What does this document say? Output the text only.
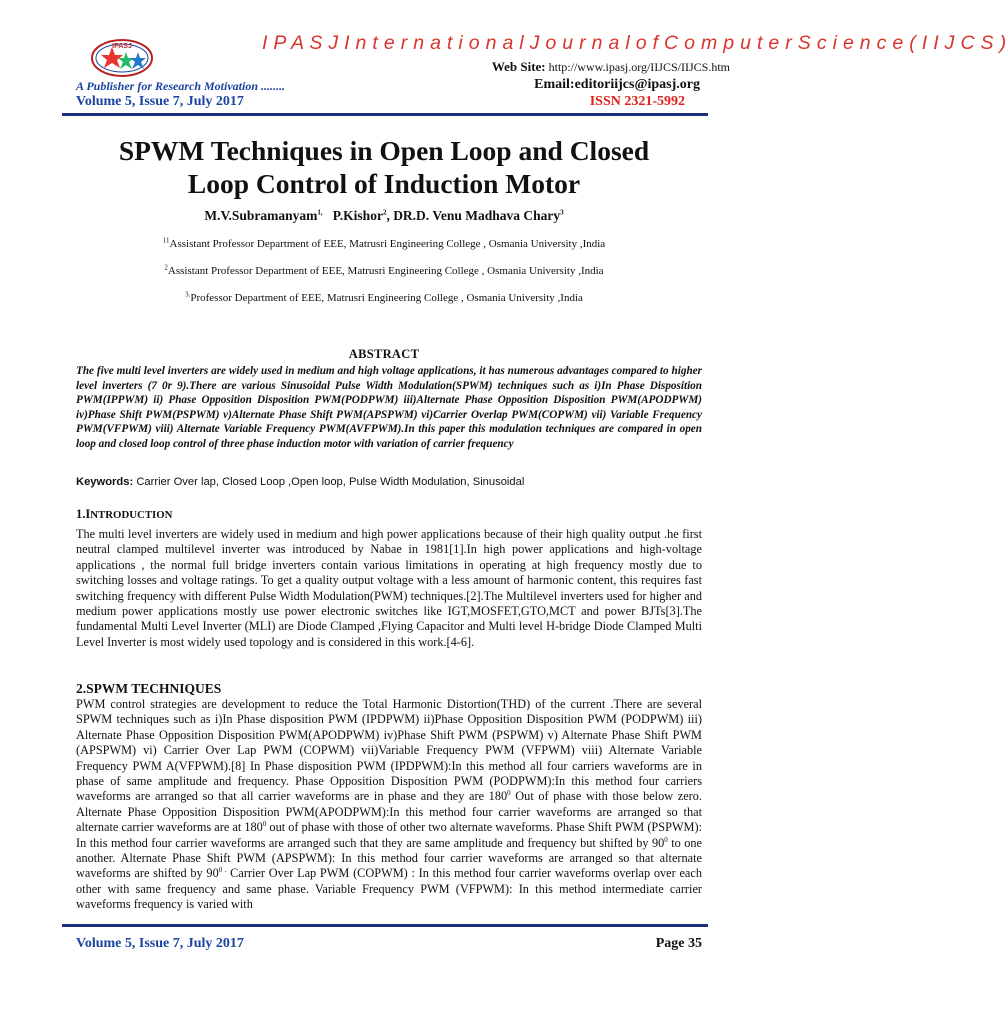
IPASJ	I P A S J I n t e r n a t i o n a l J o u r n a l o f C o m p u t e r S c i e n c e ( I I J C S )
Web Site: http://www.ipasj.org/IIJCS/IIJCS.htm
A Publisher for Research Motivation ........	Email:editoriijcs@ipasj.org
Volume 5, Issue 7, July 2017	ISSN 2321-5992
SPWM Techniques in Open Loop and Closed
Loop Control of Induction Motor
M.V.Subramanyam$^{1,}$ P.Kishor$^2$, DR.D. Venu Madhava Chary$^3$
$^{11}$Assistant Professor Department of EEE, Matrusri Engineering College , Osmania University ,India
$^2$Assistant Professor Department of EEE, Matrusri Engineering College , Osmania University ,India
$^{3.}$Professor Department of EEE, Matrusri Engineering College , Osmania University ,India
ABSTRACT
The five multi level inverters are widely used in medium and high voltage applications, it has numerous advantages compared to higher level inverters (7 0r 9).There are various Sinusoidal Pulse Width Modulation(SPWM) techniques such as i)In Phase Disposition PWM(IPPWM) ii) Phase Opposition Disposition PWM(PODPWM) iii)Alternate Phase Opposition Disposition PWM(APODPWM) iv)Phase Shift PWM(PSPWM) v)Alternate Phase Shift PWM(APSPWM) vi)Carrier Overlap PWM(COPWM) vii) Variable Frequency PWM(VFPWM) viii) Alternate Variable Frequency PWM(AVFPWM).In this paper this modulation techniques are compared in open loop and closed loop control of three phase induction motor with variation of carrier frequency
Keywords: Carrier Over lap, Closed Loop ,Open loop, Pulse Width Modulation, Sinusoidal
1.INTRODUCTION
The multi level inverters are widely used in medium and high power applications because of their high quality output .he first neutral clamped multilevel inverter was introduced by Nabae in 1981[1].In high power applications and high-voltage applications , the normal full bridge inverters contain various limitations in operating at high frequency mostly due to switching losses and voltage ratings. To get a quality output voltage with a less amount of harmonic content, this requires fast switching frequency with different Pulse Width Modulation(PWM) techniques.[2].The Multilevel inverters used for higher and medium power applications mostly use power electronic switches like IGT,MOSFET,GTO,MCT and power BJTs[3].The fundamental Multi Level Inverter (MLI) are Diode Clamped ,Flying Capacitor and Multi level H-bridge Diode Clamped Multi Level Inverter is most widely used topology and is considered in this work.[4-6].
2.SPWM TECHNIQUES
PWM control strategies are development to reduce the Total Harmonic Distortion(THD) of the current .There are several SPWM techniques such as i)In Phase disposition PWM (IPDPWM) ii)Phase Opposition Disposition PWM (PODPWM) iii) Alternate Phase Opposition Disposition PWM(APODPWM) iv)Phase Shift PWM (PSPWM) v) Alternate Phase Shift PWM (APSPWM) vi) Carrier Over Lap PWM (COPWM) vii)Variable Frequency PWM (VFPWM) viii) Alternate Variable Frequency PWM A(VFPWM).[8] In Phase disposition PWM (IPDPWM):In this method all four carriers waveforms are in phase of same amplitude and frequency. Phase Opposition Disposition PWM (PODPWM):In this method four carriers waveforms are arranged so that all carrier waveforms are in phase and they are $180^0$ Out of phase with those below zero. Alternate Phase Opposition Disposition PWM(APODPWM):In this method four carrier waveforms are arranged so that alternate carrier waveforms are at $180^0$ out of phase with those of other two alternate waveforms. Phase Shift PWM (PSPWM): In this method four carrier waveforms are arranged such that they are same amplitude and frequency but shifted by $90^0$ to one another. Alternate Phase Shift PWM (APSPWM): In this method four carrier waveforms are arranged so that alternate waveforms are shifted by $90^{0 .}$ Carrier Over Lap PWM (COPWM) : In this method four carrier waveforms overlap over each other with same frequency and same phase. Variable Frequency PWM (VFPWM): In this method intermediate carrier waveforms frequency is varied with
Volume 5, Issue 7, July 2017	Page 35
